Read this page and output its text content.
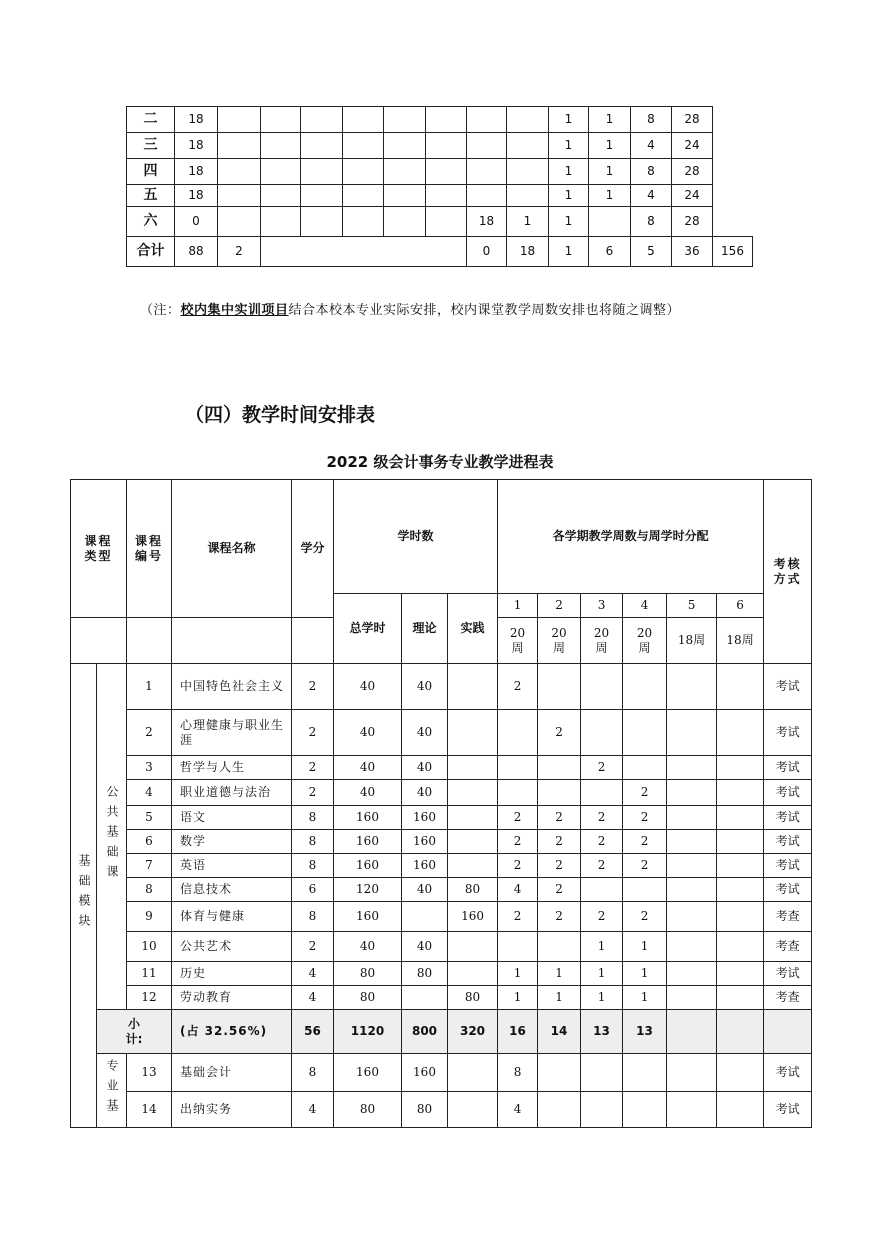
二	18									1	1	8	28	
三	18									1	1	4	24	
四	18									1	1	8	28	
五	18									1	1	4	24	
六	0							18	1	1		8	28	
合计	88	2						0	18	1	6	5	36	156
（注：校内集中实训项目结合本校本专业实际安排，校内课堂教学周数安排也将随之调整）
（四）教学时间安排表
2022 级会计事务专业教学进程表
课程类型		课程编号	课程名称	学分	学时数			各学期教学周数与周学时分配						考核方式
					总学时	理论	实践	1	2	3	4	5	6	
								20周	20周	20周	20周	18周	18周	
基础模块	公共基础课	1	中国特色社会主义	2	40	40		2						考试
		2	心理健康与职业生涯	2	40	40			2					考试
		3	哲学与人生	2	40	40				2				考试
		4	职业道德与法治	2	40	40					2			考试
		5	语文	8	160	160		2	2	2	2			考试
		6	数学	8	160	160		2	2	2	2			考试
		7	英语	8	160	160		2	2	2	2			考试
		8	信息技术	6	120	40	80	4	2					考试
		9	体育与健康	8	160		160	2	2	2	2			考查
		10	公共艺术	2	40	40				1	1			考查
		11	历史	4	80	80		1	1	1	1			考试
		12	劳动教育	4	80		80	1	1	1	1			考查
	小计:		(占 32.56%)	56	1120	800	320	16	14	13	13			
	专业基	13	基础会计	8	160	160		8						考试
		14	出纳实务	4	80	80		4						考试
